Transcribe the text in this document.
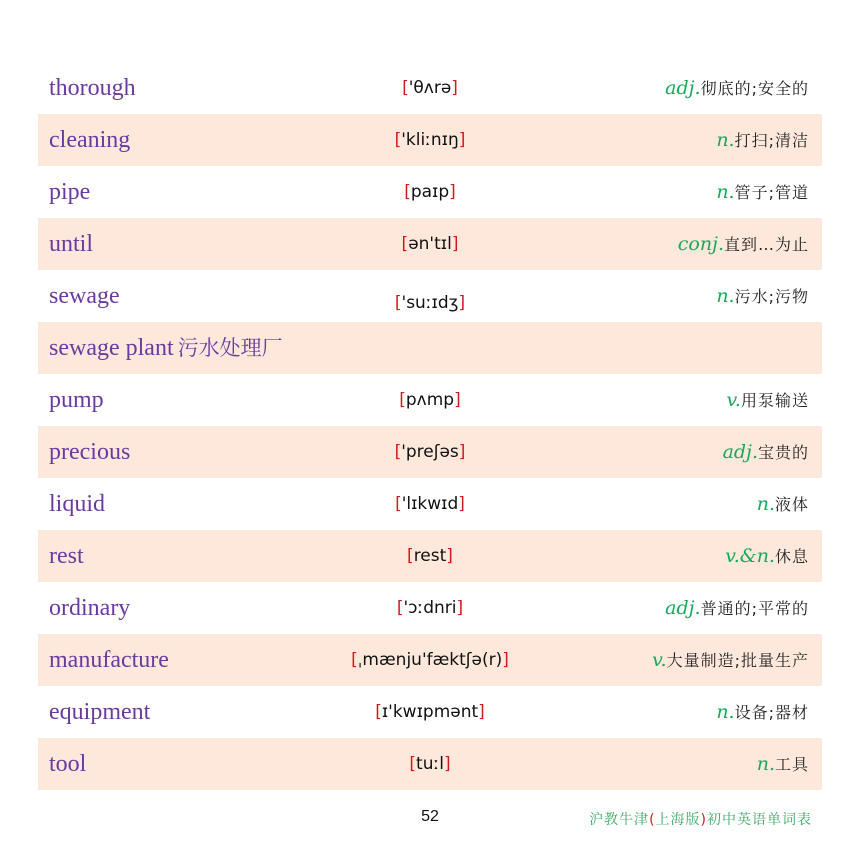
thorough	['θʌrə]	adj.彻底的;安全的
cleaning	['kliːnɪŋ]	n.打扫;清洁
pipe	[paɪp]	n.管子;管道
until	[ən'tɪl]	conj.直到…为止
sewage	['suːɪdʒ]	n.污水;污物
sewage plant 污水处理厂
pump	[pʌmp]	v.用泵输送
precious	['preʃəs]	adj.宝贵的
liquid	['lɪkwɪd]	n.液体
rest	[rest]	v.&n.休息
ordinary	['ɔːdnri]	adj.普通的;平常的
manufacture	[ˌmænju'fæktʃə(r)]	v.大量制造;批量生产
equipment	[ɪ'kwɪpmənt]	n.设备;器材
tool	[tuːl]	n.工具
52	沪教牛津(上海版)初中英语单词表
